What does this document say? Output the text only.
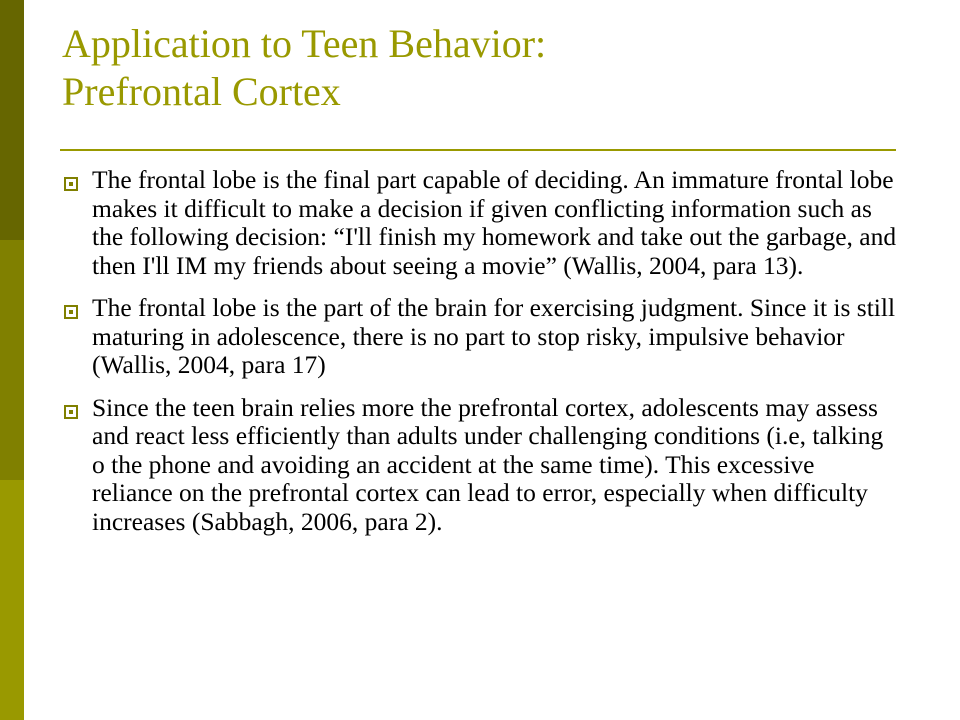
Application to Teen Behavior:
Prefrontal Cortex
The frontal lobe is the final part capable of deciding. An immature frontal lobe makes it difficult to make a decision if given conflicting information such as the following decision: “I'll finish my homework and take out the garbage, and then I'll IM my friends about seeing a movie” (Wallis, 2004, para 13).
The frontal lobe is the part of the brain for exercising judgment. Since it is still maturing in adolescence, there is no part to stop risky, impulsive behavior (Wallis, 2004, para 17)
Since the teen brain relies more the prefrontal cortex, adolescents may assess and react less efficiently than adults under challenging conditions (i.e, talking o the phone and avoiding an accident at the same time). This excessive reliance on the prefrontal cortex can lead to error, especially when difficulty increases (Sabbagh, 2006, para 2).
